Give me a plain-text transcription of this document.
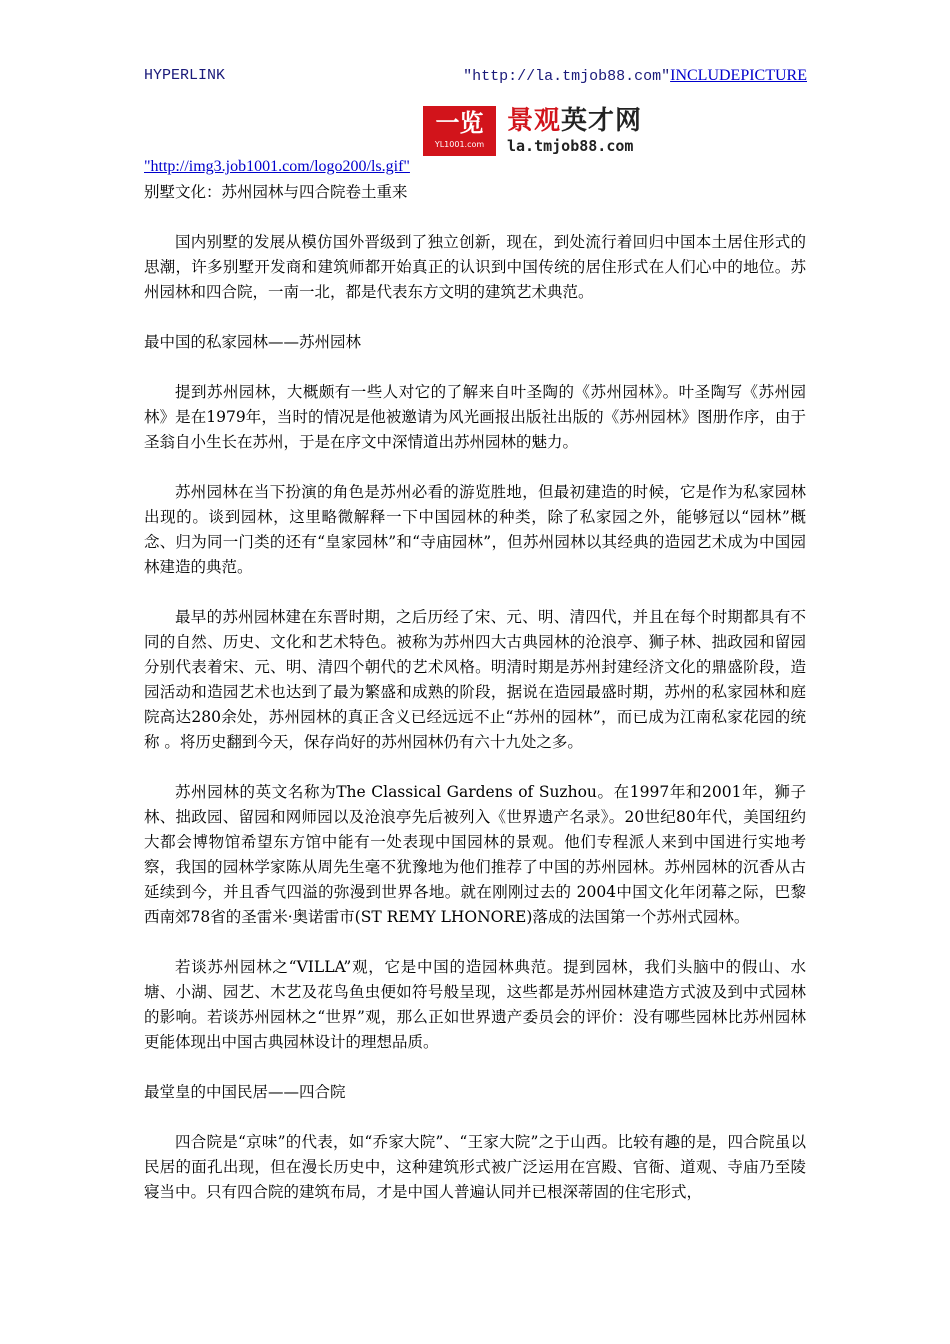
HYPERLINK	"http://la.tmjob88.com"INCLUDEPICTURE
一览
YL1001.com
景观英才网
la.tmjob88.com

"http://img3.job1001.com/logo200/ls.gif"

别墅文化：苏州园林与四合院卷土重来

国内别墅的发展从模仿国外晋级到了独立创新，现在，到处流行着回归中国本土居住形式的思潮，许多别墅开发商和建筑师都开始真正的认识到中国传统的居住形式在人们心中的地位。苏州园林和四合院，一南一北，都是代表东方文明的建筑艺术典范。

最中国的私家园林——苏州园林

提到苏州园林，大概颇有一些人对它的了解来自叶圣陶的《苏州园林》。叶圣陶写《苏州园林》是在1979年，当时的情况是他被邀请为风光画报出版社出版的《苏州园林》图册作序，由于圣翁自小生长在苏州，于是在序文中深情道出苏州园林的魅力。

苏州园林在当下扮演的角色是苏州必看的游览胜地，但最初建造的时候，它是作为私家园林出现的。谈到园林，这里略微解释一下中国园林的种类，除了私家园之外，能够冠以“园林”概念、归为同一门类的还有“皇家园林”和“寺庙园林”，但苏州园林以其经典的造园艺术成为中国园林建造的典范。

最早的苏州园林建在东晋时期，之后历经了宋、元、明、清四代，并且在每个时期都具有不同的自然、历史、文化和艺术特色。被称为苏州四大古典园林的沧浪亭、狮子林、拙政园和留园分别代表着宋、元、明、清四个朝代的艺术风格。明清时期是苏州封建经济文化的鼎盛阶段，造园活动和造园艺术也达到了最为繁盛和成熟的阶段，据说在造园最盛时期，苏州的私家园林和庭院高达280余处，苏州园林的真正含义已经远远不止“苏州的园林”，而已成为江南私家花园的统称 。将历史翻到今天，保存尚好的苏州园林仍有六十九处之多。

苏州园林的英文名称为The Classical Gardens of Suzhou。在1997年和2001年，狮子林、拙政园、留园和网师园以及沧浪亭先后被列入《世界遗产名录》。20世纪80年代，美国纽约大都会博物馆希望东方馆中能有一处表现中国园林的景观。他们专程派人来到中国进行实地考察，我国的园林学家陈从周先生毫不犹豫地为他们推荐了中国的苏州园林。苏州园林的沉香从古延续到今，并且香气四溢的弥漫到世界各地。就在刚刚过去的 2004中国文化年闭幕之际，巴黎西南郊78省的圣雷米·奥诺雷市(ST REMY LHONORE)落成的法国第一个苏州式园林。

若谈苏州园林之“VILLA”观，它是中国的造园林典范。提到园林，我们头脑中的假山、水塘、小湖、园艺、木艺及花鸟鱼虫便如符号般呈现，这些都是苏州园林建造方式波及到中式园林的影响。若谈苏州园林之“世界”观，那么正如世界遗产委员会的评价：没有哪些园林比苏州园林更能体现出中国古典园林设计的理想品质。

最堂皇的中国民居——四合院

四合院是“京味”的代表，如“乔家大院”、“王家大院”之于山西。比较有趣的是，四合院虽以民居的面孔出现，但在漫长历史中，这种建筑形式被广泛运用在宫殿、官衙、道观、寺庙乃至陵寝当中。只有四合院的建筑布局，才是中国人普遍认同并已根深蒂固的住宅形式，
